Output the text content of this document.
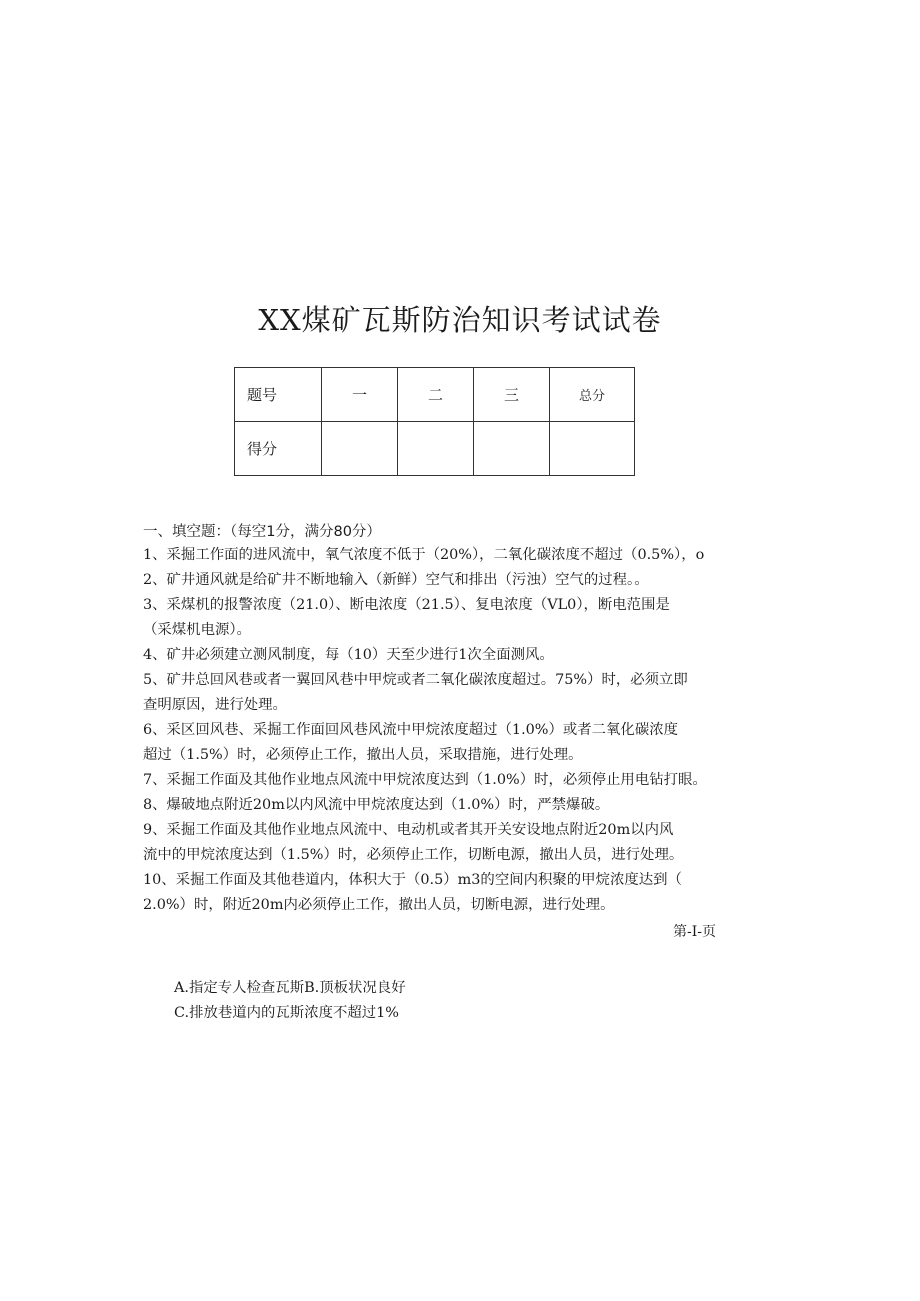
XX煤矿瓦斯防治知识考试试卷
题号	一	二	三	总分
得分				
一、填空题：（每空1分，满分80分）
1、采掘工作面的进风流中，氧气浓度不低于（20%），二氧化碳浓度不超过（0.5%），o
2、矿井通风就是给矿井不断地输入（新鲜）空气和排出（污浊）空气的过程。。
3、采煤机的报警浓度（21.0）、断电浓度（21.5）、复电浓度（VL0），断电范围是
（采煤机电源）。
4、矿井必须建立测风制度，每（10）天至少进行1次全面测风。
5、矿井总回风巷或者一翼回风巷中甲烷或者二氧化碳浓度超过。75%）时，必须立即
查明原因，进行处理。
6、采区回风巷、采掘工作面回风巷风流中甲烷浓度超过（1.0%）或者二氧化碳浓度
超过（1.5%）时，必须停止工作，撤出人员，采取措施，进行处理。
7、采掘工作面及其他作业地点风流中甲烷浓度达到（1.0%）时，必须停止用电钻打眼。
8、爆破地点附近20m以内风流中甲烷浓度达到（1.0%）时，严禁爆破。
9、采掘工作面及其他作业地点风流中、电动机或者其开关安设地点附近20m以内风
流中的甲烷浓度达到（1.5%）时，必须停止工作，切断电源，撤出人员，进行处理。
10、采掘工作面及其他巷道内，体积大于（0.5）m3的空间内积聚的甲烷浓度达到（
2.0%）时，附近20m内必须停止工作，撤出人员，切断电源，进行处理。
第-I-页
A.指定专人检查瓦斯B.顶板状况良好
C.排放巷道内的瓦斯浓度不超过1%
